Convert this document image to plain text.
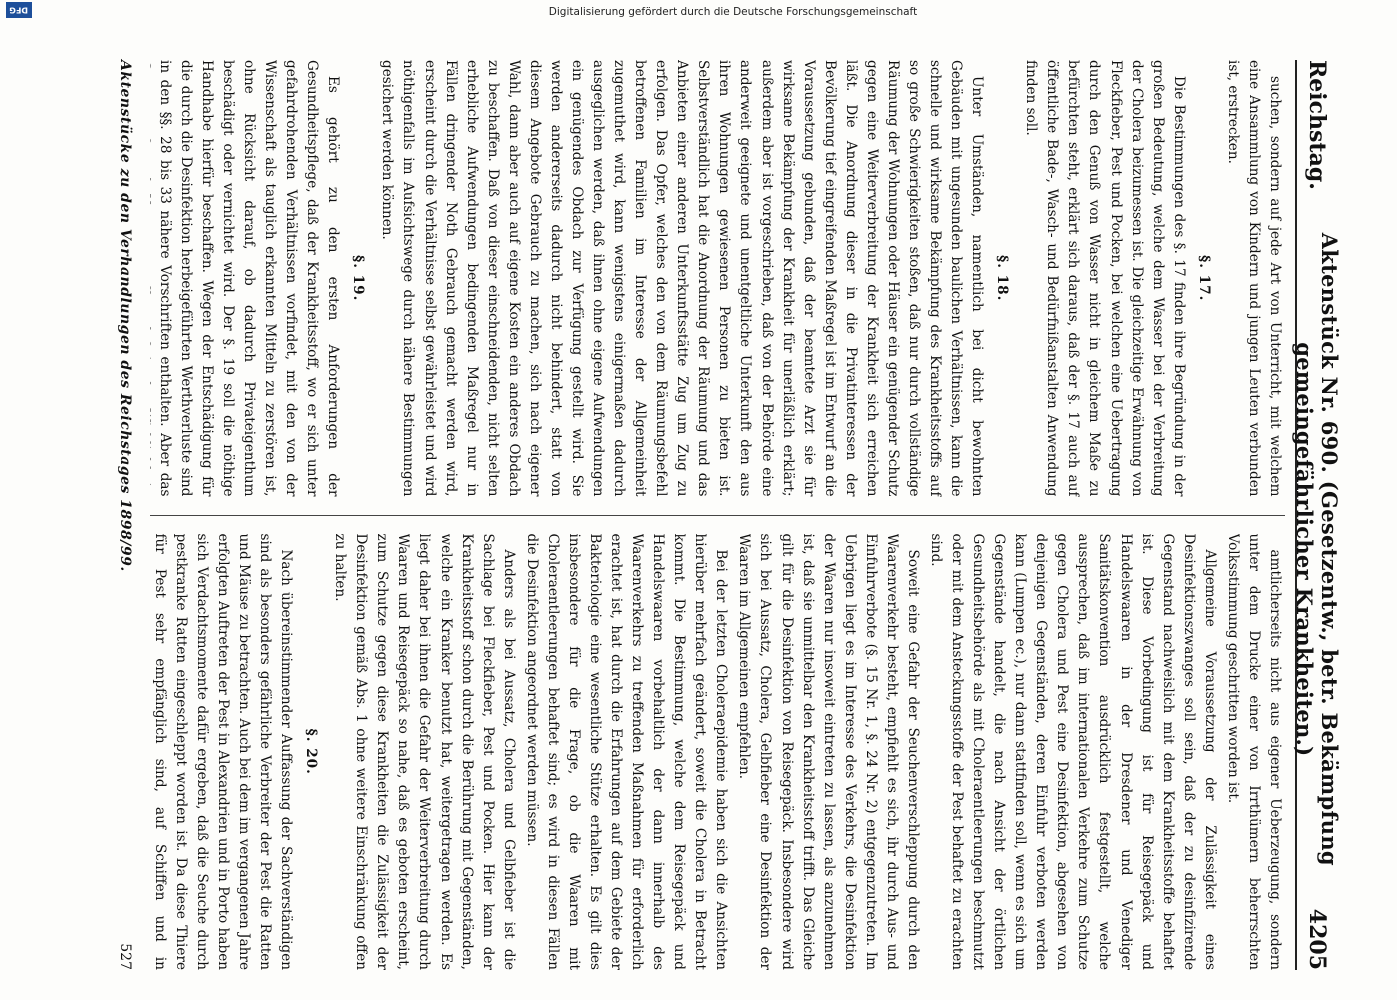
Digitalisierung gefördert durch die Deutsche Forschungsgemeinschaft
DFG
Reichstag.
Aktenstück Nr. 690. (Gesetzentw., betr. Bekämpfung gemeingefährlicher Krankheiten.)
4205

suchen, sondern auf jede Art von Unterricht, mit welchem eine Ansammlung von Kindern und jungen Leuten verbunden ist, erstrecken.

§. 17.

Die Bestimmungen des §. 17 finden ihre Begründung in der großen Bedeutung, welche dem Wasser bei der Verbreitung der Cholera beizumessen ist. Die gleichzeitige Erwähnung von Fleckfieber, Pest und Pocken, bei welchen eine Uebertragung durch den Genuß von Wasser nicht in gleichem Maße zu befürchten steht, erklärt sich daraus, daß der §. 17 auch auf öffentliche Bade-, Wasch- und Bedürfnißanstalten Anwendung finden soll.

§. 18.

Unter Umständen, namentlich bei dicht bewohnten Gebäuden mit ungesunden baulichen Verhältnissen, kann die schnelle und wirksame Bekämpfung des Krankheitsstoffs auf so große Schwierigkeiten stoßen, daß nur durch vollständige Räumung der Wohnungen oder Häuser ein genügender Schutz gegen eine Weiterverbreitung der Krankheit sich erreichen läßt. Die Anordnung dieser in die Privatinteressen der Bevölkerung tief eingreifenden Maßregel ist im Entwurf an die Voraussetzung gebunden, daß der beamtete Arzt sie für wirksame Bekämpfung der Krankheit für unerläßlich erklärt; außerdem aber ist vorgeschrieben, daß von der Behörde eine anderweit geeignete und unentgeltliche Unterkunft den aus ihren Wohnungen gewiesenen Personen zu bieten ist. Selbstverständlich hat die Anordnung der Räumung und das Anbieten einer anderen Unterkunftsstätte Zug um Zug zu erfolgen. Das Opfer, welches den von dem Räumungsbefehl betroffenen Familien im Interesse der Allgemeinheit zugemuthet wird, kann wenigstens einigermaßen dadurch ausgeglichen werden, daß ihnen ohne eigene Aufwendungen ein genügendes Obdach zur Verfügung gestellt wird. Sie werden andererseits dadurch nicht behindert, statt von diesem Angebote Gebrauch zu machen, sich nach eigener Wahl, dann aber auch auf eigene Kosten ein anderes Obdach zu beschaffen. Daß von dieser einschneidenden, nicht selten erhebliche Aufwendungen bedingenden Maßregel nur in Fällen dringender Noth Gebrauch gemacht werden wird, erscheint durch die Verhältnisse selbst gewährleistet und wird nöthigenfalls im Aufsichtswege durch nähere Bestimmungen gesichert werden können.

§. 19.

Es gehört zu den ersten Anforderungen der Gesundheitspflege, daß der Krankheitsstoff, wo er sich unter gefahrdrohenden Verhältnissen vorfindet, mit den von der Wissenschaft als tauglich erkannten Mitteln zu zerstören ist, ohne Rücksicht darauf, ob dadurch Privateigenthum beschädigt oder vernichtet wird. Der §. 19 soll die nöthige Handhabe hierfür beschaffen. Wegen der Entschädigung für die durch die Desinfektion herbeigeführten Werthverluste sind in den §§. 28 bis 33 nähere Vorschriften enthalten. Aber das

amtlicherseits nicht aus eigener Ueberzeugung, sondern unter dem Drucke einer von Irrthümern beherrschten Volksstimmung geschritten worden ist.

Allgemeine Voraussetzung der Zulässigkeit eines Desinfektionszwanges soll sein, daß der zu desinfizirende Gegenstand nachweislich mit dem Krankheitsstoffe behaftet ist. Diese Vorbedingung ist für Reisegepäck und Handelswaaren in der Dresdener und Venediger Sanitätskonvention ausdrücklich festgestellt, welche aussprechen, daß im internationalen Verkehre zum Schutze gegen Cholera und Pest eine Desinfektion, abgesehen von denjenigen Gegenständen, deren Einfuhr verboten werden kann (Lumpen ec.), nur dann stattfinden soll, wenn es sich um Gegenstände handelt, die nach Ansicht der örtlichen Gesundheitsbehörde als mit Choleraentleerungen beschmutzt oder mit dem Ansteckungsstoffe der Pest behaftet zu erachten sind.

Soweit eine Gefahr der Seuchenverschleppung durch den Waarenverkehr besteht, empfiehlt es sich, ihr durch Aus- und Einfuhrverbote (§. 15 Nr. 1, §. 24 Nr. 2) entgegenzutreten. Im Uebrigen liegt es im Interesse des Verkehrs, die Desinfektion der Waaren nur insoweit eintreten zu lassen, als anzunehmen ist, daß sie unmittelbar den Krankheitsstoff trifft. Das Gleiche gilt für die Desinfektion von Reisegepäck. Insbesondere wird sich bei Aussatz, Cholera, Gelbfieber eine Desinfektion der Waaren im Allgemeinen empfehlen.

Bei der letzten Choleraepidemie haben sich die Ansichten hierüber mehrfach geändert, soweit die Cholera in Betracht kommt. Die Bestimmung, welche dem Reisegepäck und Handelswaaren vorbehaltlich der dann innerhalb des Waarenverkehrs zu treffenden Maßnahmen für erforderlich erachtet ist, hat durch die Erfahrungen auf dem Gebiete der Bakteriologie eine wesentliche Stütze erhalten. Es gilt dies insbesondere für die Frage, ob die Waaren mit Choleraentleerungen behaftet sind; es wird in diesen Fällen die Desinfektion angeordnet werden müssen.

Anders als bei Aussatz, Cholera und Gelbfieber ist die Sachlage bei Fleckfieber, Pest und Pocken. Hier kann der Krankheitsstoff schon durch die Berührung mit Gegenständen, welche ein Kranker benutzt hat, weitergetragen werden. Es liegt daher bei ihnen die Gefahr der Weiterverbreitung durch Waaren und Reisegepäck so nahe, daß es geboten erscheint, zum Schutze gegen diese Krankheiten die Zulässigkeit der Desinfektion gemäß Abs. 1 ohne weitere Einschränkung offen zu halten.

§. 20.

Nach übereinstimmender Auffassung der Sachverständigen sind als besonders gefährliche Verbreiter der Pest die Ratten und Mäuse zu betrachten. Auch bei dem im vergangenen Jahre erfolgten Auftreten der Pest in Alexandrien und in Porto haben sich Verdachtsmomente dafür ergeben, daß die Seuche durch pestkranke Ratten eingeschleppt worden ist. Da diese Thiere für Pest sehr empfänglich sind, auf Schiffen und in

Aktenstücke zu den Verhandlungen des Reichstages 1898/99.
527
